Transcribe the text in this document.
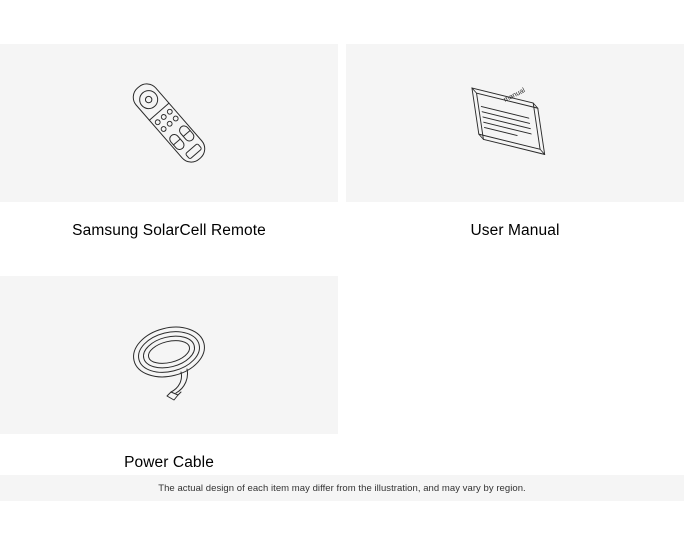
Samsung SolarCell Remote
manual
User Manual
Power Cable
The actual design of each item may differ from the illustration, and may vary by region.
